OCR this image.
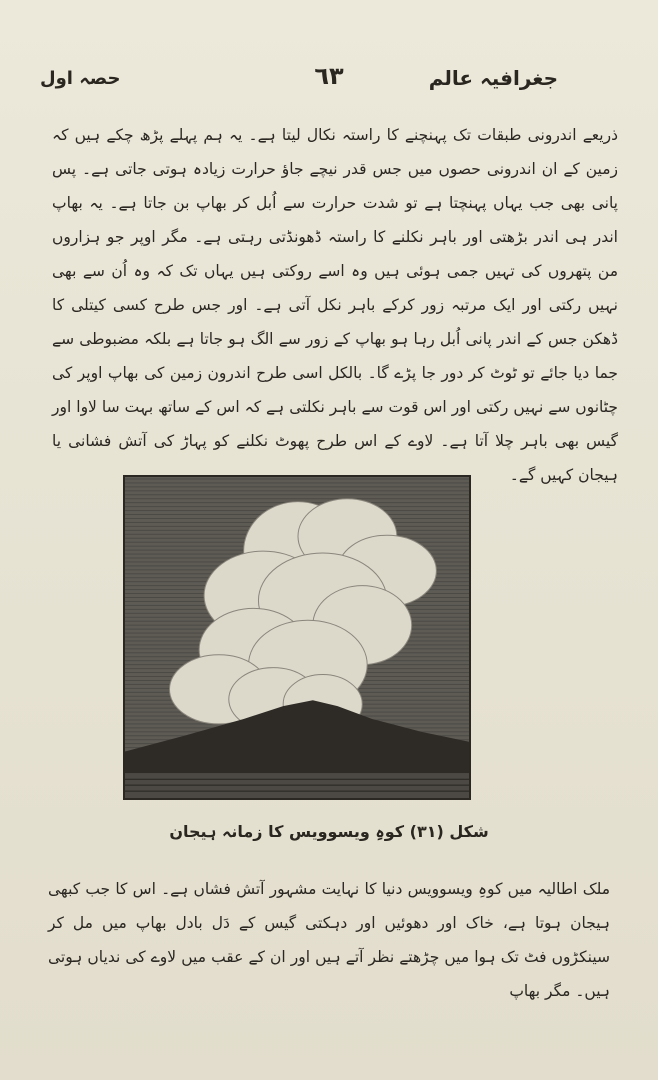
جغرافیہ عالم
٦٣
حصہ اول
ذریعے اندرونی طبقات تک پہنچنے کا راستہ نکال لیتا ہے۔ یہ ہم پہلے پڑھ چکے ہیں کہ زمین کے ان اندرونی حصوں میں جس قدر نیچے جاؤ حرارت زیادہ ہوتی جاتی ہے۔ پس پانی بھی جب یہاں پہنچتا ہے تو شدت حرارت سے اُبل کر بھاپ بن جاتا ہے۔ یہ بھاپ اندر ہی اندر بڑھتی اور باہر نکلنے کا راستہ ڈھونڈتی رہتی ہے۔ مگر اوپر جو ہزاروں من پتھروں کی تہیں جمی ہوئی ہیں وہ اسے روکتی ہیں یہاں تک کہ وہ اُن سے بھی نہیں رکتی اور ایک مرتبہ زور کرکے باہر نکل آتی ہے۔ اور جس طرح کسی کیتلی کا ڈھکن جس کے اندر پانی اُبل رہا ہو بھاپ کے زور سے الگ ہو جاتا ہے بلکہ مضبوطی سے جما دیا جائے تو ٹوٹ کر دور جا پڑے گا۔ بالکل اسی طرح اندرون زمین کی بھاپ اوپر کی چٹانوں سے نہیں رکتی اور اس قوت سے باہر نکلتی ہے کہ اس کے ساتھ بہت سا لاوا اور گیس بھی باہر چلا آتا ہے۔ لاوے کے اس طرح پھوٹ نکلنے کو پہاڑ کی آتش فشانی یا ہیجان کہیں گے۔
شکل (٣١) کوہِ ویسوویس کا زمانہ ہیجان
ملک اطالیہ میں کوہِ ویسوویس دنیا کا نہایت مشہور آتش فشاں ہے۔ اس کا جب کبھی ہیجان ہوتا ہے، خاک اور دھوئیں اور دہکتی گیس کے دَل بادل بھاپ میں مل کر سینکڑوں فٹ تک ہوا میں چڑھتے نظر آتے ہیں اور ان کے عقب میں لاوے کی ندیاں ہوتی ہیں۔ مگر بھاپ
